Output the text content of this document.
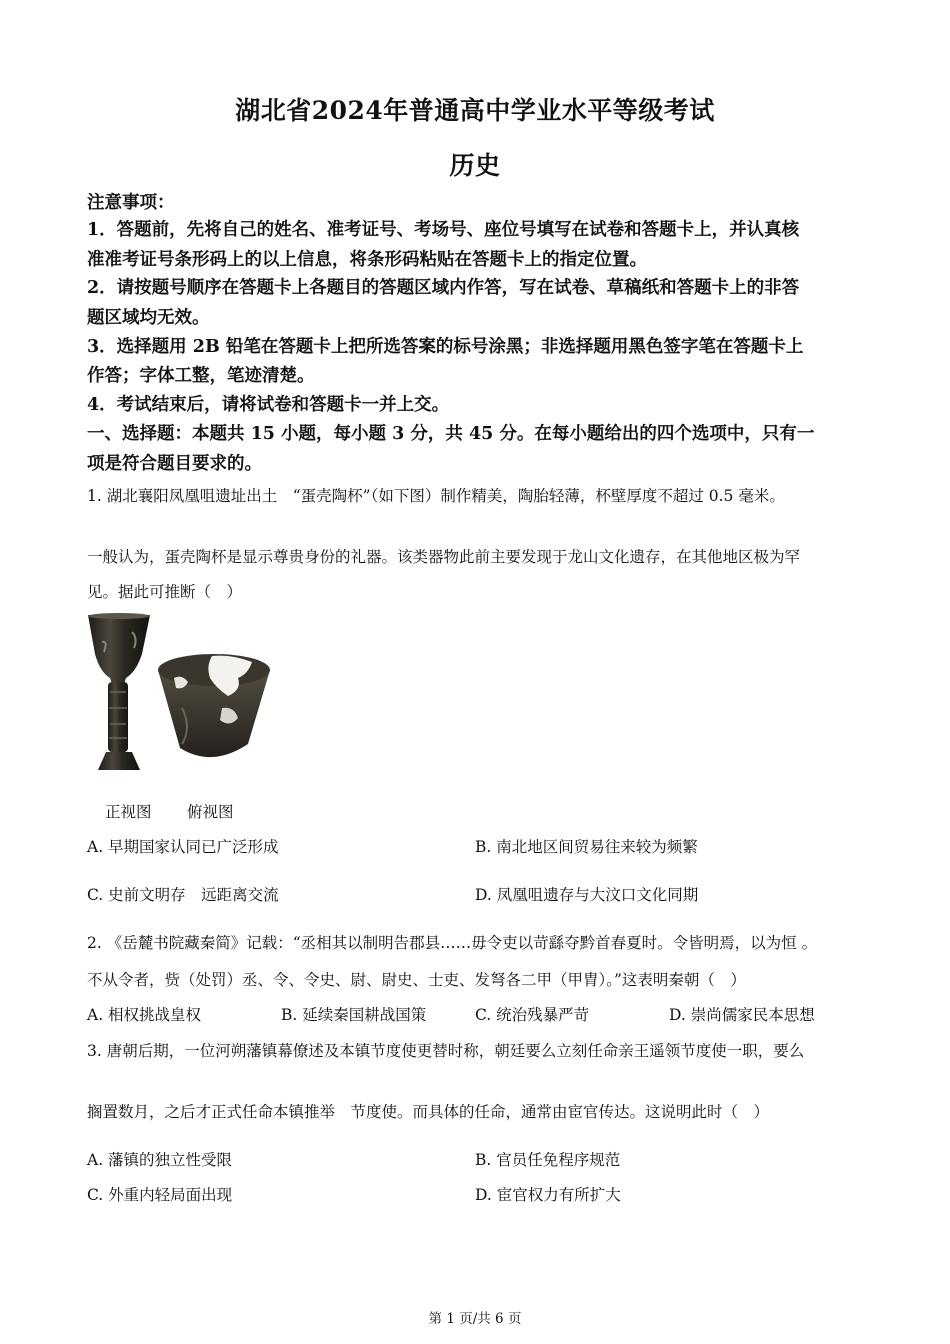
湖北省2024年普通高中学业水平等级考试
历史
注意事项：
1．答题前，先将自己的姓名、准考证号、考场号、座位号填写在试卷和答题卡上，并认真核
准准考证号条形码上的以上信息，将条形码粘贴在答题卡上的指定位置。
2．请按题号顺序在答题卡上各题目的答题区域内作答，写在试卷、草稿纸和答题卡上的非答
题区域均无效。
3．选择题用 2B 铅笔在答题卡上把所选答案的标号涂黑；非选择题用黑色签字笔在答题卡上
作答；字体工整，笔迹清楚。
4．考试结束后，请将试卷和答题卡一并上交。
一、选择题：本题共 15 小题，每小题 3 分，共 45 分。在每小题给出的四个选项中，只有一
项是符合题目要求的。
1. 湖北襄阳凤凰咀遗址出土　“蛋壳陶杯”（如下图）制作精美，陶胎轻薄，杯壁厚度不超过 0.5 毫米。
一般认为，蛋壳陶杯是显示尊贵身份的礼器。该类器物此前主要发现于龙山文化遗存，在其他地区极为罕
见。据此可推断（　）
正视图 俯视图
A. 早期国家认同已广泛形成	B. 南北地区间贸易往来较为频繁
C. 史前文明存　远距离交流	D. 凤凰咀遗存与大汶口文化同期
2. 《岳麓书院藏秦简》记载：“丞相其以制明告郡县……毋令吏以苛繇夺黔首春夏时。令皆明焉，以为恒 。
不从令者，赀（处罚）丞、令、令史、尉、尉史、士吏、发弩各二甲（甲胄）。”这表明秦朝（　）
A. 相权挑战皇权	B. 延续秦国耕战国策	C. 统治残暴严苛	D. 崇尚儒家民本思想
3. 唐朝后期，一位河朔藩镇幕僚述及本镇节度使更替时称，朝廷要么立刻任命亲王遥领节度使一职，要么
搁置数月，之后才正式任命本镇推举　节度使。而具体的任命，通常由宦官传达。这说明此时（　）
A. 藩镇的独立性受限	B. 官员任免程序规范
C. 外重内轻局面出现	D. 宦官权力有所扩大
第 1 页/共 6 页
